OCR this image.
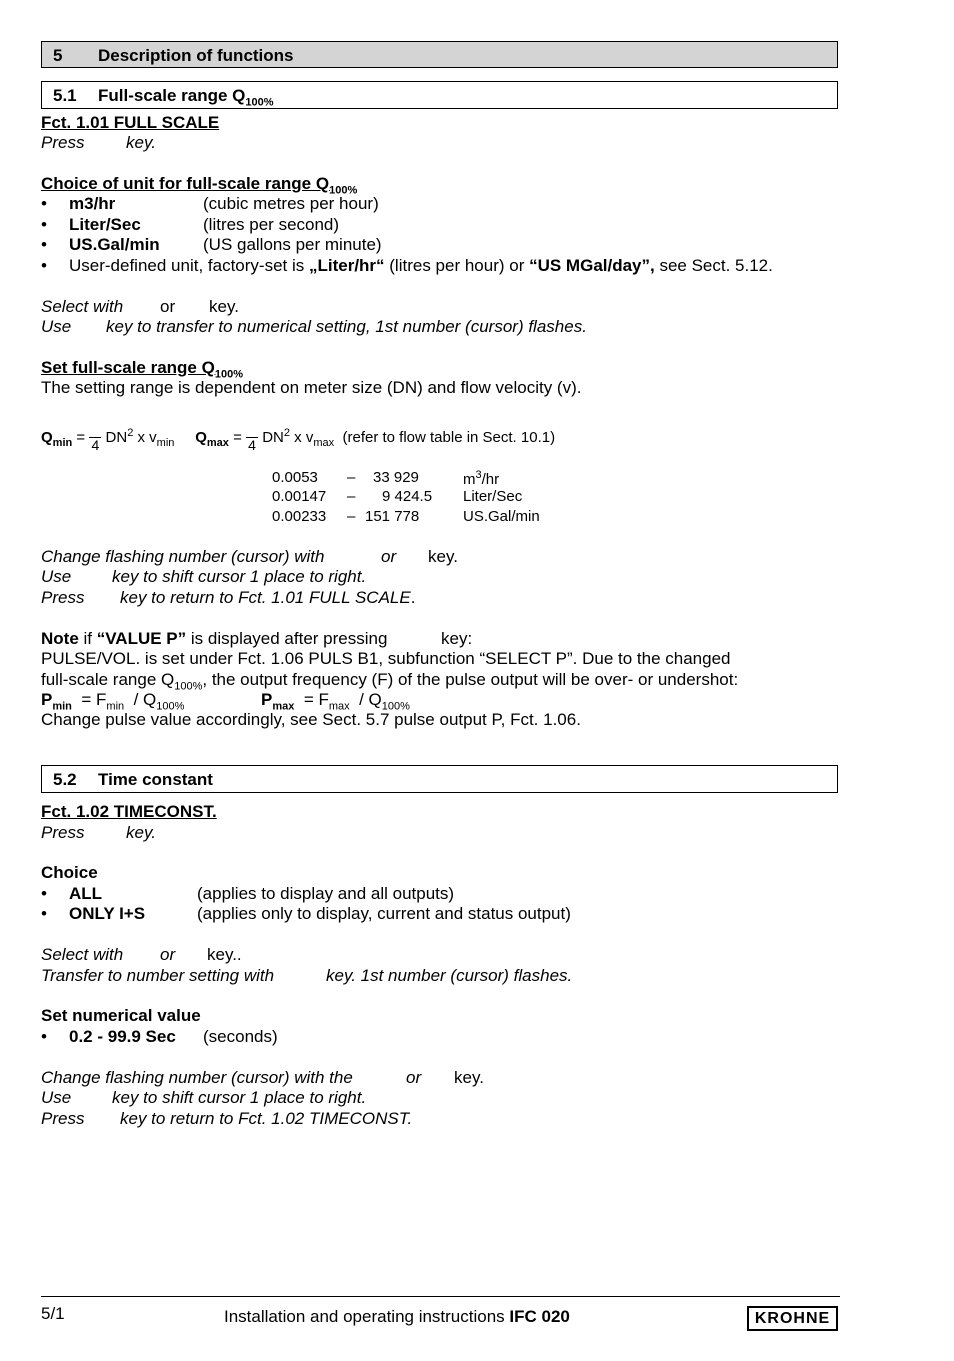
5 Description of functions
5.1 Full-scale range $Q_{100\%}$
Fct. 1.01 FULL SCALE
Press key.
Choice of unit for full-scale range $Q_{100\%}$
• m3/hr	(cubic metres per hour)
• Liter/Sec	(litres per second)
• US.Gal/min	(US gallons per minute)
• User-defined unit, factory-set is „Liter/hr“ (litres per hour) or “US MGal/day”, see Sect. 5.12.
Select with or key.
Use key to transfer to numerical setting, 1st number (cursor) flashes.
Set full-scale range $Q_{100\%}$
The setting range is dependent on meter size (DN) and flow velocity (v).
$Q_{min} = 4$ $DN^2$ x $v_{min}$ $Q_{max} = 4$ $DN^2$ x $v_{max}$ (refer to flow table in Sect. 10.1)
0.0053 – 33 929	$m^3/hr$
0.00147 – 9 424.5 Liter/Sec
0.00233 – 151 778	US.Gal/min
Change flashing number (cursor) with	or key.
Use key to shift cursor 1 place to right.
Press key to return to Fct. 1.01 FULL SCALE.
Note if “VALUE P” is displayed after pressing	key:
PULSE/VOL. is set under Fct. 1.06 PULS B1, subfunction “SELECT P”. Due to the changed
full-scale range $Q_{100\%}$, the output frequency (F) of the pulse output will be over- or undershot:
$P_{min} = F_{min} / Q_{100\%}$	$P_{max} = F_{max} / Q_{100\%}$
Change pulse value accordingly, see Sect. 5.7 pulse output P, Fct. 1.06.
5.2 Time constant
Fct. 1.02 TIMECONST.
Press key.
Choice
• ALL	(applies to display and all outputs)
• ONLY I+S	(applies only to display, current and status output)
Select with or key..
Transfer to number setting with	key. 1st number (cursor) flashes.
Set numerical value
• 0.2 - 99.9 Sec (seconds)
Change flashing number (cursor) with the	or key.
Use key to shift cursor 1 place to right.
Press key to return to Fct. 1.02 TIMECONST.
5/1	Installation and operating instructions IFC 020	KROHNE
